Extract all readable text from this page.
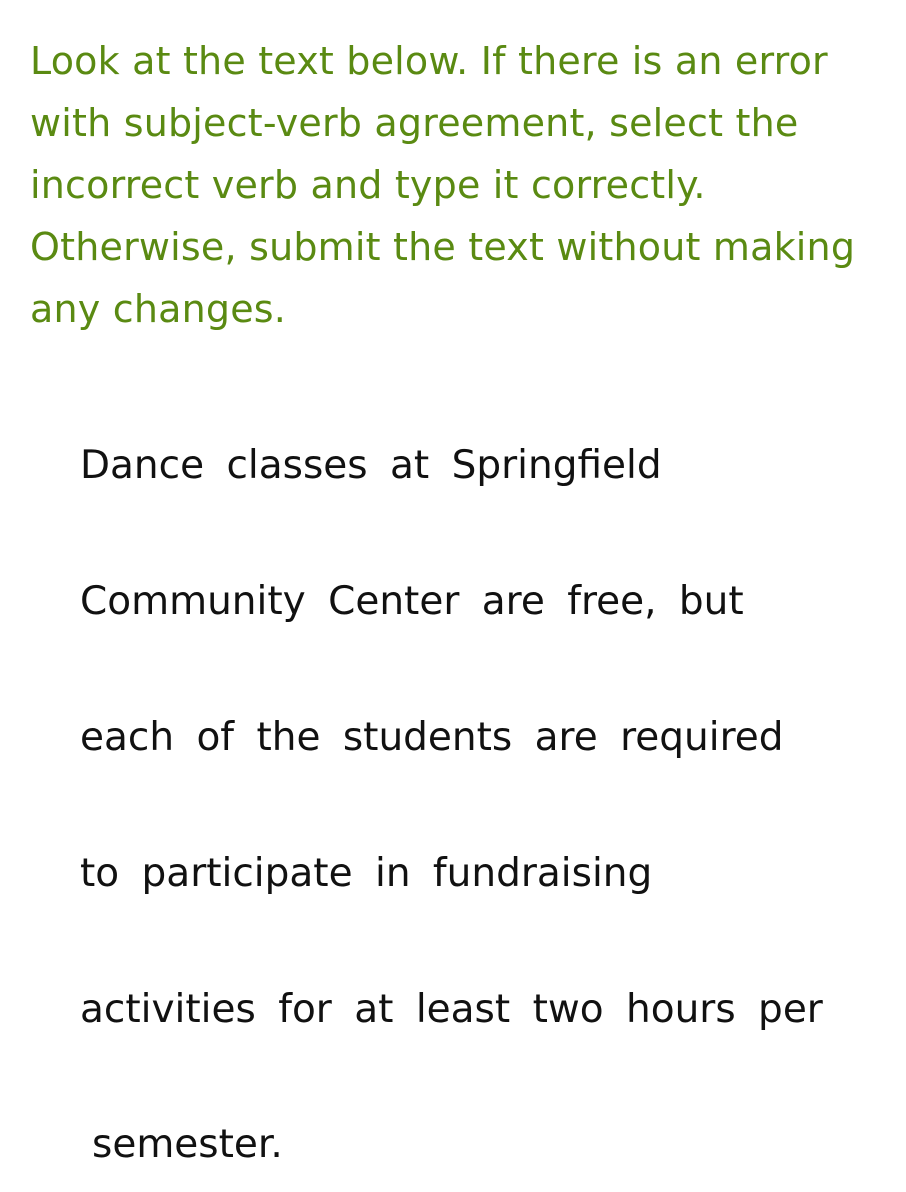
Look at the text below. If there is an error with subject-verb agreement, select the incorrect verb and type it correctly. Otherwise, submit the text without making any changes.

Dance classes at Springfield
Community Center are free, but
each of the students are required
to participate in fundraising
activities for at least two hours per
semester.
